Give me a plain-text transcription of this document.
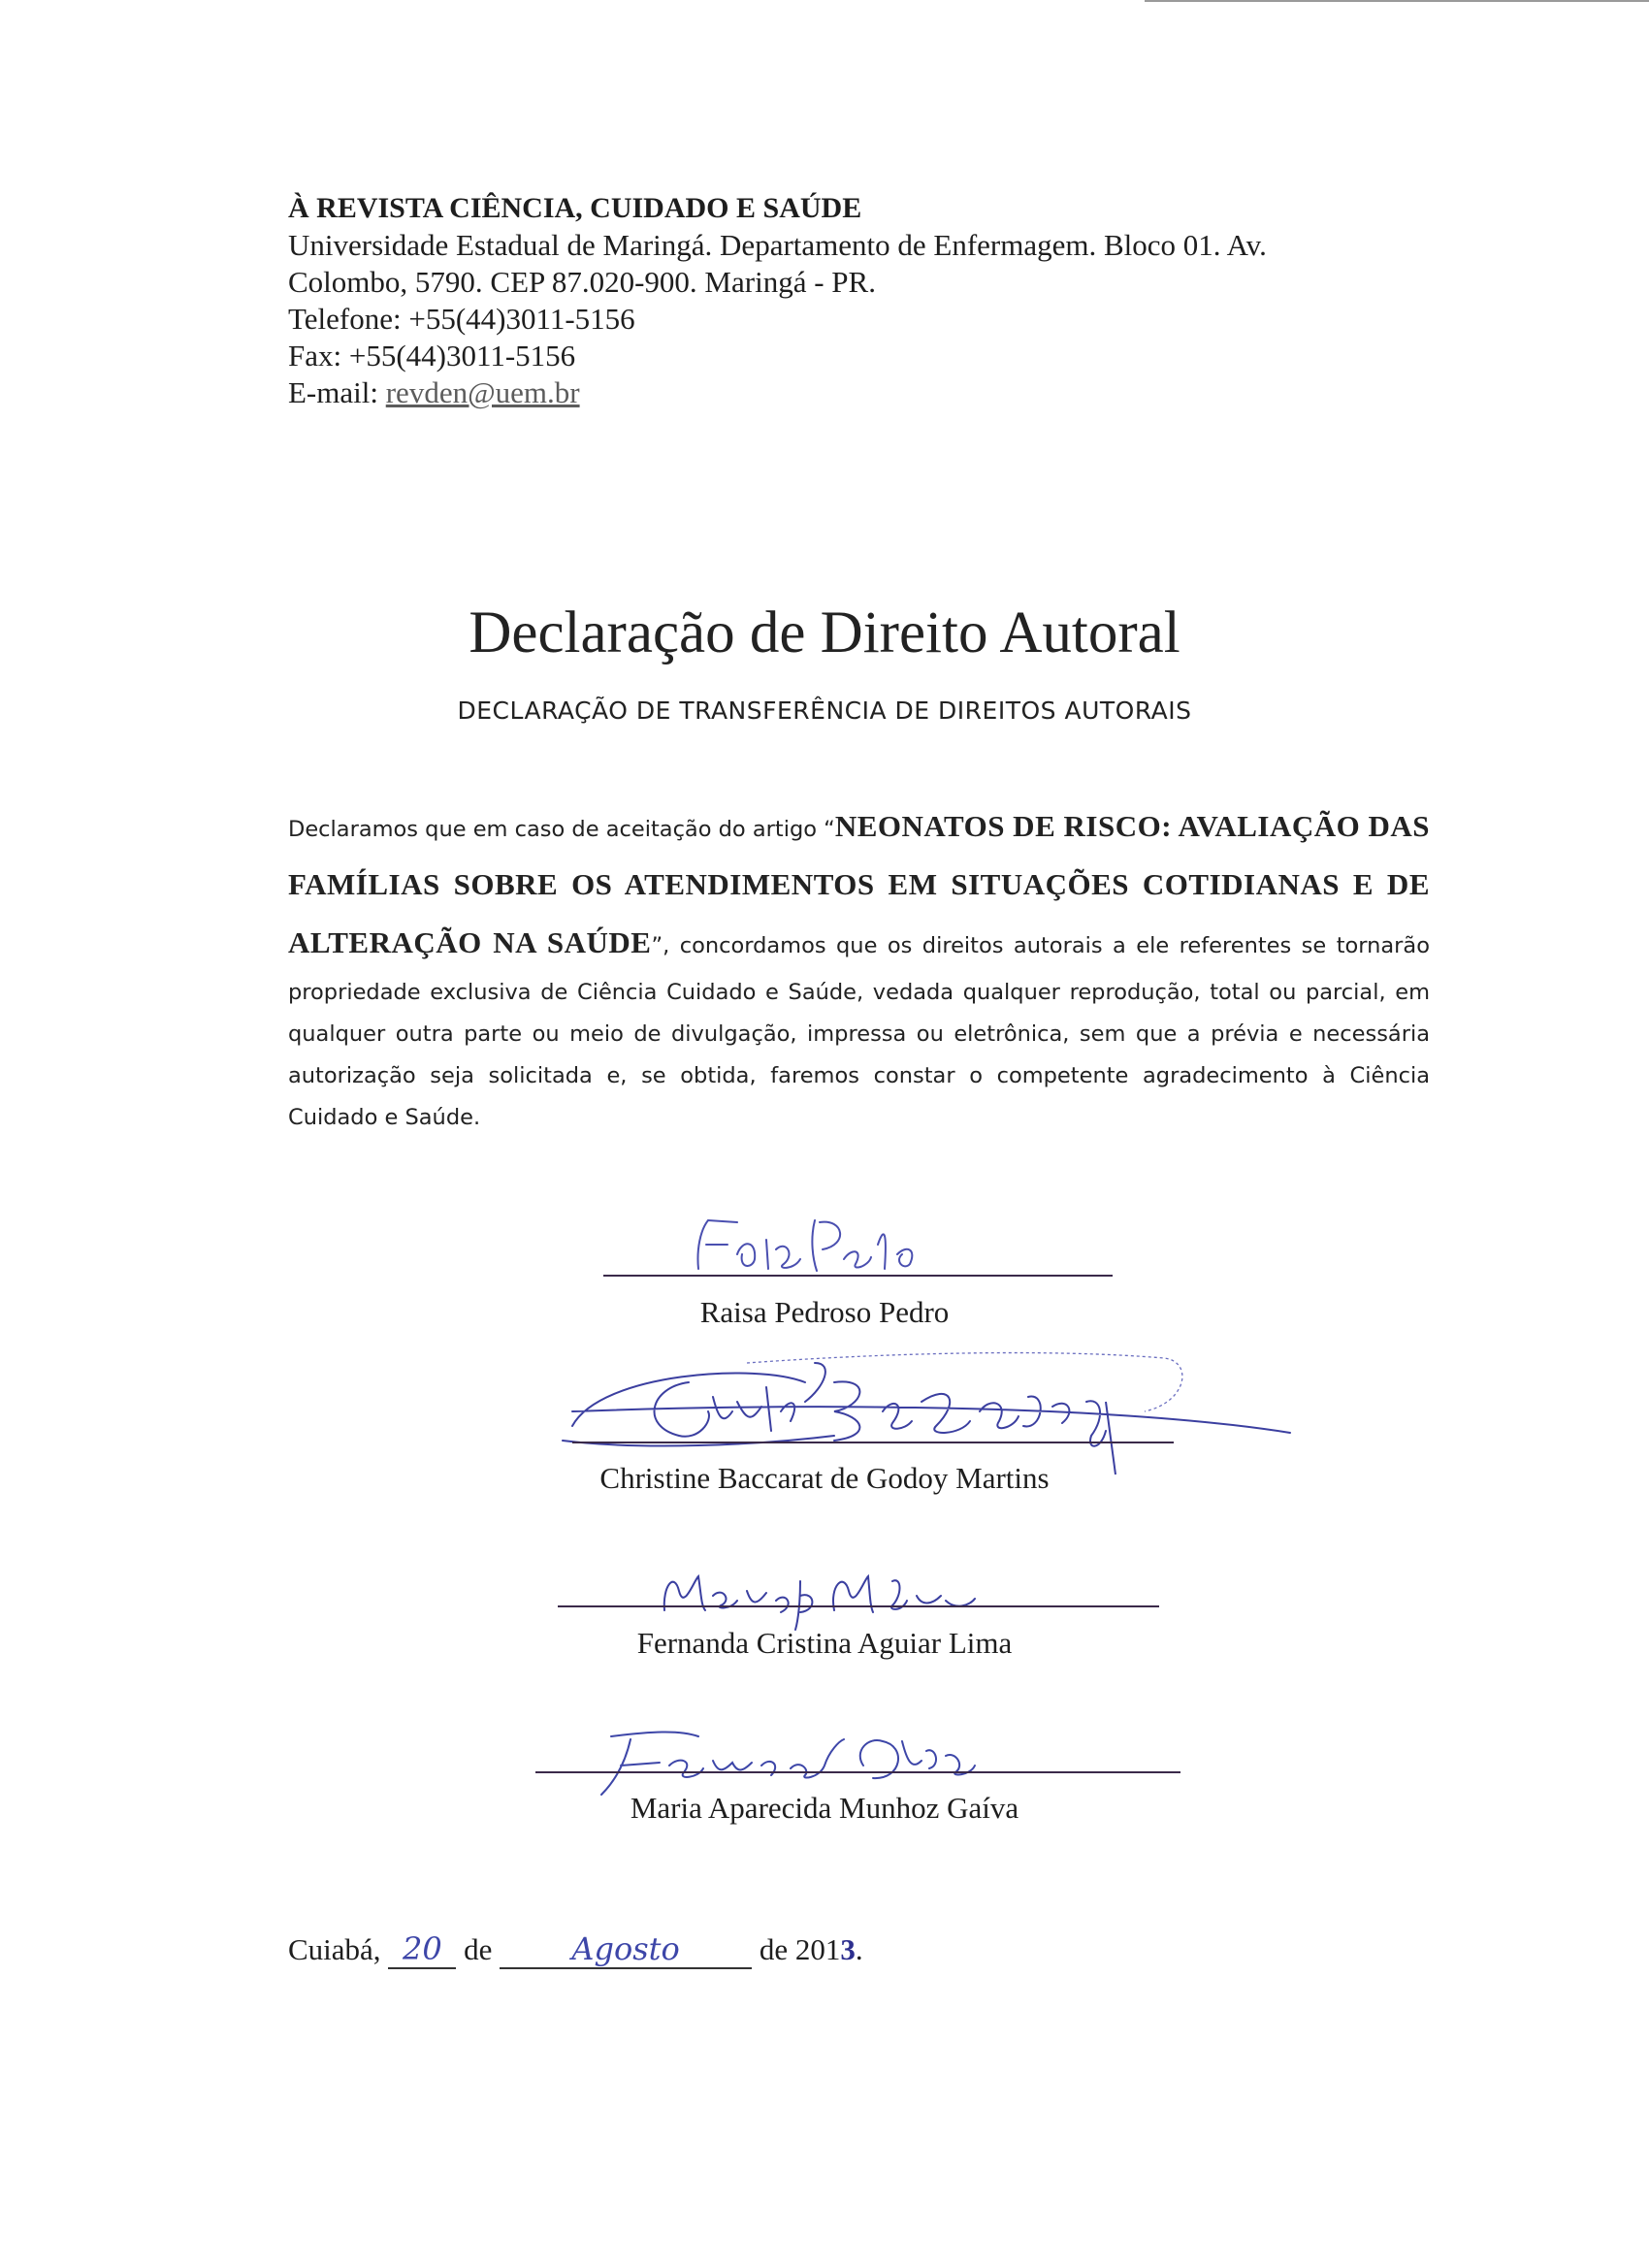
À REVISTA CIÊNCIA, CUIDADO E SAÚDE
Universidade Estadual de Maringá. Departamento de Enfermagem. Bloco 01. Av.
Colombo, 5790. CEP 87.020-900. Maringá - PR.
Telefone: +55(44)3011-5156
Fax: +55(44)3011-5156
E-mail: revden@uem.br
Declaração de Direito Autoral
DECLARAÇÃO DE TRANSFERÊNCIA DE DIREITOS AUTORAIS
Declaramos que em caso de aceitação do artigo “NEONATOS DE RISCO: AVALIAÇÃO DAS FAMÍLIAS SOBRE OS ATENDIMENTOS EM SITUAÇÕES COTIDIANAS E DE ALTERAÇÃO NA SAÚDE”, concordamos que os direitos autorais a ele referentes se tornarão propriedade exclusiva de Ciência Cuidado e Saúde, vedada qualquer reprodução, total ou parcial, em qualquer outra parte ou meio de divulgação, impressa ou eletrônica, sem que a prévia e necessária autorização seja solicitada e, se obtida, faremos constar o competente agradecimento à Ciência Cuidado e Saúde.
Raisa Pedroso Pedro
Christine Baccarat de Godoy Martins
Fernanda Cristina Aguiar Lima
Maria Aparecida Munhoz Gaíva
Cuiabá, 20 de	Agosto	de 2013.
